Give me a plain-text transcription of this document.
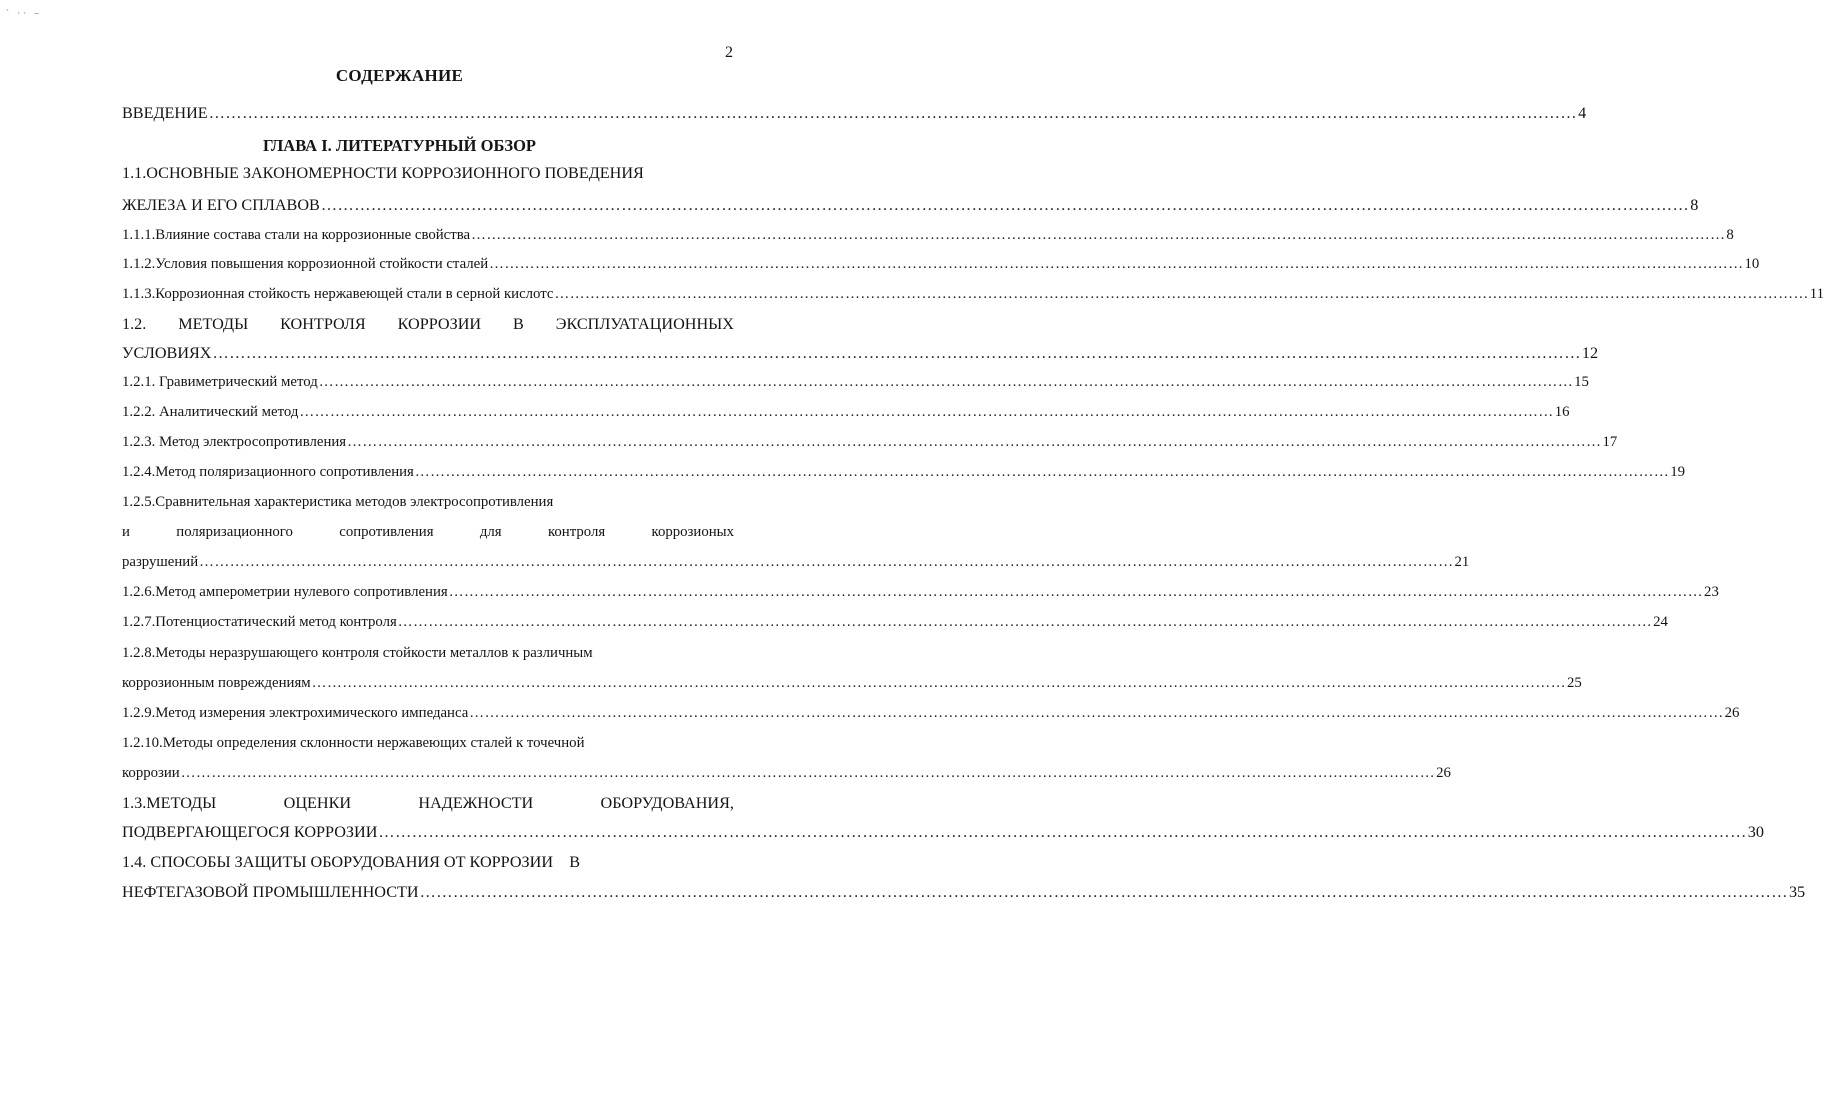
` ·· –
2
СОДЕРЖАНИЕ
ВВЕДЕНИЕ ………………………………………………………………………………………………………………………………………………………………………………………………………………………… 4
ГЛАВА I. ЛИТЕРАТУРНЫЙ ОБЗОР
1.1.ОСНОВНЫЕ ЗАКОНОМЕРНОСТИ КОРРОЗИОННОГО ПОВЕДЕНИЯ
ЖЕЛЕЗА И ЕГО СПЛАВОВ ………………………………………………………………………………………………………………………………………………………………………………………………………………………… 8
1.1.1.Влияние состава стали на коррозионные свойства ………………………………………………………………………………………………………………………………………………………………………………………………………………………… 8
1.1.2.Условия повышения коррозионной стойкости сталей ………………………………………………………………………………………………………………………………………………………………………………………………………………………… 10
1.1.3.Коррозионная стойкость нержавеющей стали в серной кислотс ………………………………………………………………………………………………………………………………………………………………………………………………………………………… 11
1.2. МЕТОДЫ КОНТРОЛЯ КОРРОЗИИ В ЭКСПЛУАТАЦИОННЫХ
УСЛОВИЯХ ………………………………………………………………………………………………………………………………………………………………………………………………………………………… 12
1.2.1. Гравиметрический метод ………………………………………………………………………………………………………………………………………………………………………………………………………………………… 15
1.2.2. Аналитический метод ………………………………………………………………………………………………………………………………………………………………………………………………………………………… 16
1.2.3. Метод электросопротивления ………………………………………………………………………………………………………………………………………………………………………………………………………………………… 17
1.2.4.Метод поляризационного сопротивления ………………………………………………………………………………………………………………………………………………………………………………………………………………………… 19
1.2.5.Сравнительная характеристика методов электросопротивления
и	поляризационного	сопротивления	для	контроля	коррозионых
разрушений ………………………………………………………………………………………………………………………………………………………………………………………………………………………… 21
1.2.6.Метод амперометрии нулевого сопротивления ………………………………………………………………………………………………………………………………………………………………………………………………………………………… 23
1.2.7.Потенциостатический метод контроля ………………………………………………………………………………………………………………………………………………………………………………………………………………………… 24
1.2.8.Методы неразрушающего контроля стойкости металлов к различным
коррозионным повреждениям ………………………………………………………………………………………………………………………………………………………………………………………………………………………… 25
1.2.9.Метод измерения электрохимического импеданса ………………………………………………………………………………………………………………………………………………………………………………………………………………………… 26
1.2.10.Методы определения склонности нержавеющих сталей к точечной
коррозии ………………………………………………………………………………………………………………………………………………………………………………………………………………………… 26
1.3.МЕТОДЫ	ОЦЕНКИ	НАДЕЖНОСТИ	ОБОРУДОВАНИЯ,
ПОДВЕРГАЮЩЕГОСЯ КОРРОЗИИ ………………………………………………………………………………………………………………………………………………………………………………………………………………………… 30
1.4. СПОСОБЫ ЗАЩИТЫ ОБОРУДОВАНИЯ ОТ КОРРОЗИИ    В
НЕФТЕГАЗОВОЙ ПРОМЫШЛЕННОСТИ ………………………………………………………………………………………………………………………………………………………………………………………………………………………… 35
